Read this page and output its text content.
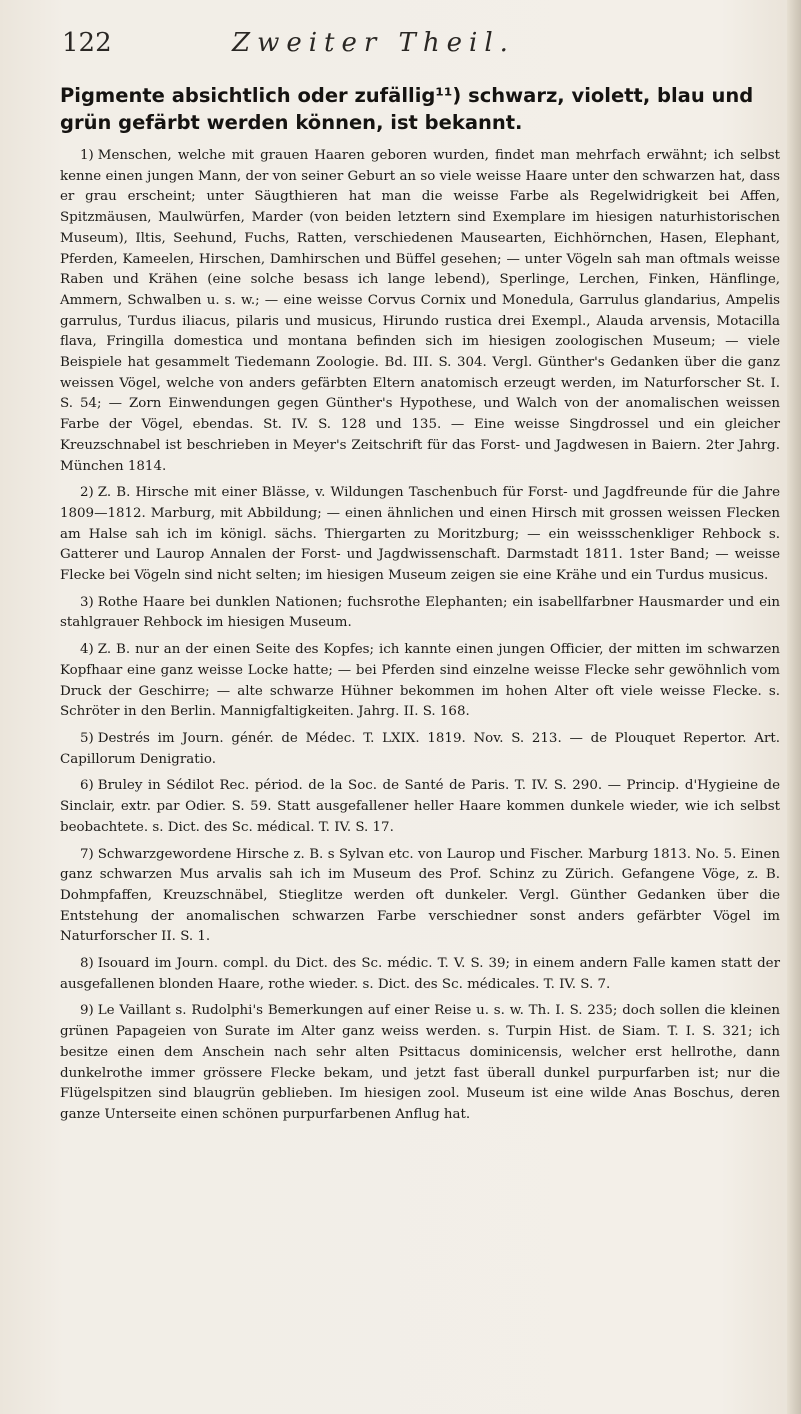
122	Zweiter Theil.

Pigmente absichtlich oder zufällig¹¹) schwarz, violett, blau und grün gefärbt werden können, ist bekannt.

1) Menschen, welche mit grauen Haaren geboren wurden, findet man mehrfach erwähnt; ich selbst kenne einen jungen Mann, der von seiner Geburt an so viele weisse Haare unter den schwarzen hat, dass er grau erscheint; unter Säugthieren hat man die weisse Farbe als Regelwidrigkeit bei Affen, Spitzmäusen, Maulwürfen, Marder (von beiden letztern sind Exemplare im hiesigen naturhistorischen Museum), Iltis, Seehund, Fuchs, Ratten, verschiedenen Mausearten, Eichhörnchen, Hasen, Elephant, Pferden, Kameelen, Hirschen, Damhirschen und Büffel gesehen; — unter Vögeln sah man oftmals weisse Raben und Krähen (eine solche besass ich lange lebend), Sperlinge, Lerchen, Finken, Hänflinge, Ammern, Schwalben u. s. w.; — eine weisse Corvus Cornix und Monedula, Garrulus glandarius, Ampelis garrulus, Turdus iliacus, pilaris und musicus, Hirundo rustica drei Exempl., Alauda arvensis, Motacilla flava, Fringilla domestica und montana befinden sich im hiesigen zoologischen Museum; — viele Beispiele hat gesammelt Tiedemann Zoologie. Bd. III. S. 304. Vergl. Günther's Gedanken über die ganz weissen Vögel, welche von anders gefärbten Eltern anatomisch erzeugt werden, im Naturforscher St. I. S. 54; — Zorn Einwendungen gegen Günther's Hypothese, und Walch von der anomalischen weissen Farbe der Vögel, ebendas. St. IV. S. 128 und 135. — Eine weisse Singdrossel und ein gleicher Kreuzschnabel ist beschrieben in Meyer's Zeitschrift für das Forst- und Jagdwesen in Baiern. 2ter Jahrg. München 1814.

2) Z. B. Hirsche mit einer Blässe, v. Wildungen Taschenbuch für Forst- und Jagdfreunde für die Jahre 1809—1812. Marburg, mit Abbildung; — einen ähnlichen und einen Hirsch mit grossen weissen Flecken am Halse sah ich im königl. sächs. Thiergarten zu Moritzburg; — ein weissschenkliger Rehbock s. Gatterer und Laurop Annalen der Forst- und Jagdwissenschaft. Darmstadt 1811. 1ster Band; — weisse Flecke bei Vögeln sind nicht selten; im hiesigen Museum zeigen sie eine Krähe und ein Turdus musicus.

3) Rothe Haare bei dunklen Nationen; fuchsrothe Elephanten; ein isabellfarbner Hausmarder und ein stahlgrauer Rehbock im hiesigen Museum.

4) Z. B. nur an der einen Seite des Kopfes; ich kannte einen jungen Officier, der mitten im schwarzen Kopfhaar eine ganz weisse Locke hatte; — bei Pferden sind einzelne weisse Flecke sehr gewöhnlich vom Druck der Geschirre; — alte schwarze Hühner bekommen im hohen Alter oft viele weisse Flecke. s. Schröter in den Berlin. Mannigfaltigkeiten. Jahrg. II. S. 168.

5) Destrés im Journ. génér. de Médec. T. LXIX. 1819. Nov. S. 213. — de Plouquet Repertor. Art. Capillorum Denigratio.

6) Bruley in Sédilot Rec. périod. de la Soc. de Santé de Paris. T. IV. S. 290. — Princip. d'Hygieine de Sinclair, extr. par Odier. S. 59. Statt ausgefallener heller Haare kommen dunkele wieder, wie ich selbst beobachtete. s. Dict. des Sc. médical. T. IV. S. 17.

7) Schwarzgewordene Hirsche z. B. s Sylvan etc. von Laurop und Fischer. Marburg 1813. No. 5. Einen ganz schwarzen Mus arvalis sah ich im Museum des Prof. Schinz zu Zürich. Gefangene Vöge, z. B. Dohmpfaffen, Kreuzschnäbel, Stieglitze werden oft dunkeler. Vergl. Günther Gedanken über die Entstehung der anomalischen schwarzen Farbe verschiedner sonst anders gefärbter Vögel im Naturforscher II. S. 1.

8) Isouard im Journ. compl. du Dict. des Sc. médic. T. V. S. 39; in einem andern Falle kamen statt der ausgefallenen blonden Haare, rothe wieder. s. Dict. des Sc. médicales. T. IV. S. 7.

9) Le Vaillant s. Rudolphi's Bemerkungen auf einer Reise u. s. w. Th. I. S. 235; doch sollen die kleinen grünen Papageien von Surate im Alter ganz weiss werden. s. Turpin Hist. de Siam. T. I. S. 321; ich besitze einen dem Anschein nach sehr alten Psittacus dominicensis, welcher erst hellrothe, dann dunkelrothe immer grössere Flecke bekam, und jetzt fast überall dunkel purpurfarben ist; nur die Flügelspitzen sind blaugrün geblieben. Im hiesigen zool. Museum ist eine wilde Anas Boschus, deren ganze Unterseite einen schönen purpurfarbenen Anflug hat.
